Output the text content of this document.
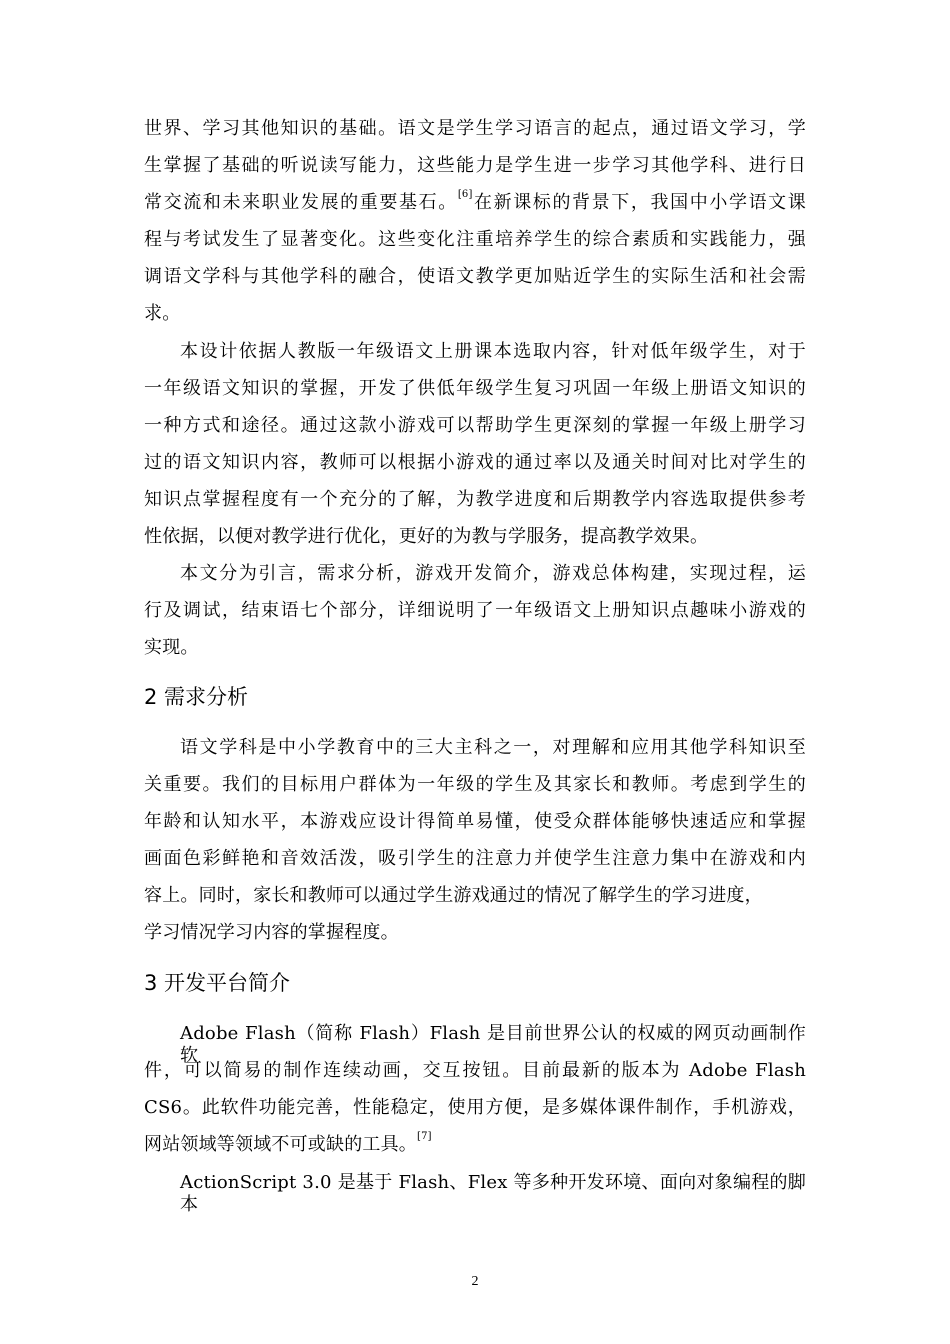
世界、学习其他知识的基础。语文是学生学习语言的起点，通过语文学习，学
生掌握了基础的听说读写能力，这些能力是学生进一步学习其他学科、进行日
常交流和未来职业发展的重要基石。[6]在新课标的背景下，我国中小学语文课
程与考试发生了显著变化。这些变化注重培养学生的综合素质和实践能力，强
调语文学科与其他学科的融合，使语文教学更加贴近学生的实际生活和社会需
求。
本设计依据人教版一年级语文上册课本选取内容，针对低年级学生，对于
一年级语文知识的掌握，开发了供低年级学生复习巩固一年级上册语文知识的
一种方式和途径。通过这款小游戏可以帮助学生更深刻的掌握一年级上册学习
过的语文知识内容，教师可以根据小游戏的通过率以及通关时间对比对学生的
知识点掌握程度有一个充分的了解，为教学进度和后期教学内容选取提供参考
性依据，以便对教学进行优化，更好的为教与学服务，提高教学效果。
本文分为引言，需求分析，游戏开发简介，游戏总体构建，实现过程，运
行及调试，结束语七个部分，详细说明了一年级语文上册知识点趣味小游戏的
实现。
2 需求分析
语文学科是中小学教育中的三大主科之一，对理解和应用其他学科知识至
关重要。我们的目标用户群体为一年级的学生及其家长和教师。考虑到学生的
年龄和认知水平，本游戏应设计得简单易懂，使受众群体能够快速适应和掌握
画面色彩鲜艳和音效活泼，吸引学生的注意力并使学生注意力集中在游戏和内
容上。同时，家长和教师可以通过学生游戏通过的情况了解学生的学习进度，
学习情况学习内容的掌握程度。
3 开发平台简介
Adobe Flash（简称 Flash）Flash 是目前世界公认的权威的网页动画制作软
件，可以简易的制作连续动画，交互按钮。目前最新的版本为 Adobe Flash
CS6。此软件功能完善，性能稳定，使用方便，是多媒体课件制作，手机游戏，
网站领域等领域不可或缺的工具。[7]
ActionScript 3.0 是基于 Flash、Flex 等多种开发环境、面向对象编程的脚本
2
